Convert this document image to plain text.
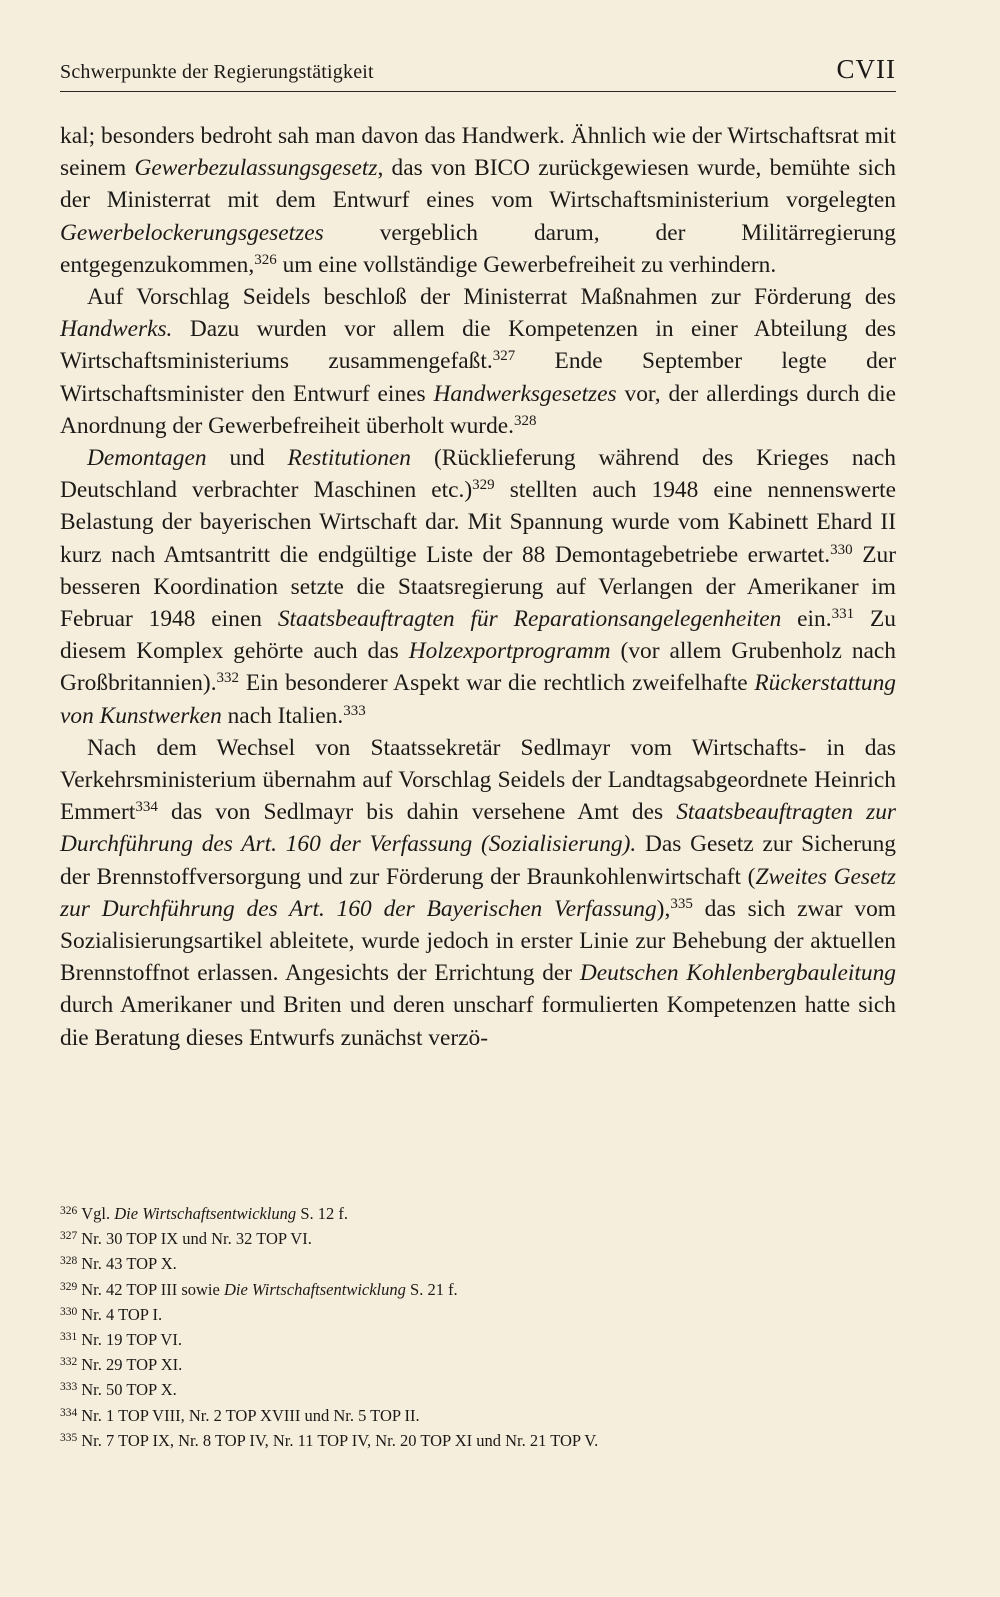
Schwerpunkte der Regierungstätigkeit	CVII

kal; besonders bedroht sah man davon das Handwerk. Ähnlich wie der Wirtschaftsrat mit seinem Gewerbezulassungsgesetz, das von BICO zurückgewiesen wurde, bemühte sich der Ministerrat mit dem Entwurf eines vom Wirtschaftsministerium vorgelegten Gewerbelockerungsgesetzes vergeblich darum, der Militärregierung entgegenzukommen,$^{326}$ um eine vollständige Gewerbefreiheit zu verhindern.

Auf Vorschlag Seidels beschloß der Ministerrat Maßnahmen zur Förderung des Handwerks. Dazu wurden vor allem die Kompetenzen in einer Abteilung des Wirtschaftsministeriums zusammengefaßt.$^{327}$ Ende September legte der Wirtschaftsminister den Entwurf eines Handwerksgesetzes vor, der allerdings durch die Anordnung der Gewerbefreiheit überholt wurde.$^{328}$

Demontagen und Restitutionen (Rücklieferung während des Krieges nach Deutschland verbrachter Maschinen etc.)$^{329}$ stellten auch 1948 eine nennenswerte Belastung der bayerischen Wirtschaft dar. Mit Spannung wurde vom Kabinett Ehard II kurz nach Amtsantritt die endgültige Liste der 88 Demontagebetriebe erwartet.$^{330}$ Zur besseren Koordination setzte die Staatsregierung auf Verlangen der Amerikaner im Februar 1948 einen Staatsbeauftragten für Reparationsangelegenheiten ein.$^{331}$ Zu diesem Komplex gehörte auch das Holzexportprogramm (vor allem Grubenholz nach Großbritannien).$^{332}$ Ein besonderer Aspekt war die rechtlich zweifelhafte Rückerstattung von Kunstwerken nach Italien.$^{333}$

Nach dem Wechsel von Staatssekretär Sedlmayr vom Wirtschafts- in das Verkehrsministerium übernahm auf Vorschlag Seidels der Landtagsabgeordnete Heinrich Emmert$^{334}$ das von Sedlmayr bis dahin versehene Amt des Staatsbeauftragten zur Durchführung des Art. 160 der Verfassung (Sozialisierung). Das Gesetz zur Sicherung der Brennstoffversorgung und zur Förderung der Braunkohlenwirtschaft (Zweites Gesetz zur Durchführung des Art. 160 der Bayerischen Verfassung),$^{335}$ das sich zwar vom Sozialisierungsartikel ableitete, wurde jedoch in erster Linie zur Behebung der aktuellen Brennstoffnot erlassen. Angesichts der Errichtung der Deutschen Kohlenbergbauleitung durch Amerikaner und Briten und deren unscharf formulierten Kompetenzen hatte sich die Beratung dieses Entwurfs zunächst verzö-

$^{326}$ Vgl. Die Wirtschaftsentwicklung S. 12 f.
$^{327}$ Nr. 30 TOP IX und Nr. 32 TOP VI.
$^{328}$ Nr. 43 TOP X.
$^{329}$ Nr. 42 TOP III sowie Die Wirtschaftsentwicklung S. 21 f.
$^{330}$ Nr. 4 TOP I.
$^{331}$ Nr. 19 TOP VI.
$^{332}$ Nr. 29 TOP XI.
$^{333}$ Nr. 50 TOP X.
$^{334}$ Nr. 1 TOP VIII, Nr. 2 TOP XVIII und Nr. 5 TOP II.
$^{335}$ Nr. 7 TOP IX, Nr. 8 TOP IV, Nr. 11 TOP IV, Nr. 20 TOP XI und Nr. 21 TOP V.
